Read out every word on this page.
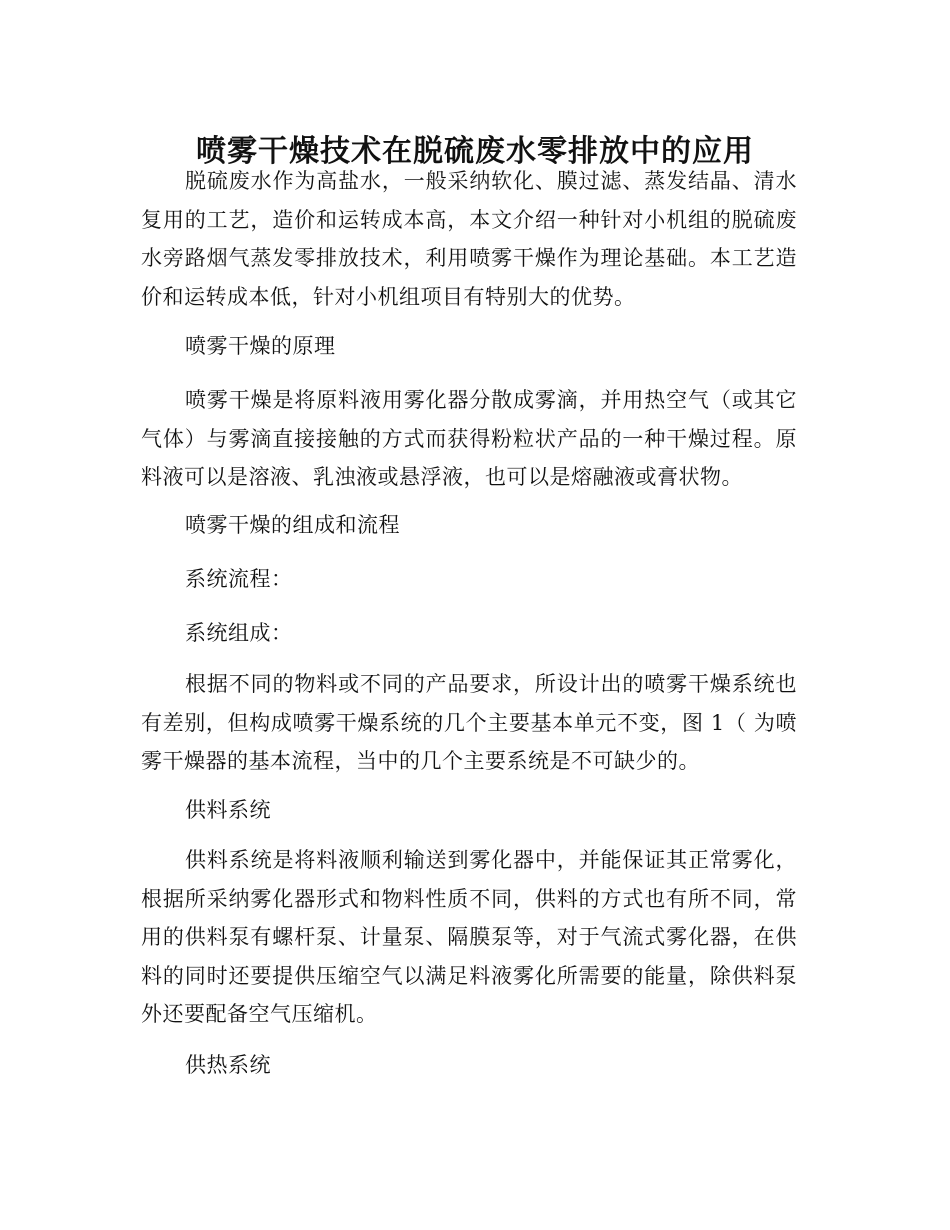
喷雾干燥技术在脱硫废水零排放中的应用

脱硫废水作为高盐水，一般采纳软化、膜过滤、蒸发结晶、清水复用的工艺，造价和运转成本高，本文介绍一种针对小机组的脱硫废水旁路烟气蒸发零排放技术，利用喷雾干燥作为理论基础。本工艺造价和运转成本低，针对小机组项目有特别大的优势。

喷雾干燥的原理

喷雾干燥是将原料液用雾化器分散成雾滴，并用热空气（或其它气体）与雾滴直接接触的方式而获得粉粒状产品的一种干燥过程。原料液可以是溶液、乳浊液或悬浮液，也可以是熔融液或膏状物。

喷雾干燥的组成和流程

系统流程：

系统组成：

根据不同的物料或不同的产品要求，所设计出的喷雾干燥系统也有差别，但构成喷雾干燥系统的几个主要基本单元不变，图 1（ 为喷雾干燥器的基本流程，当中的几个主要系统是不可缺少的。

供料系统

供料系统是将料液顺利输送到雾化器中，并能保证其正常雾化，根据所采纳雾化器形式和物料性质不同，供料的方式也有所不同，常用的供料泵有螺杆泵、计量泵、隔膜泵等，对于气流式雾化器，在供料的同时还要提供压缩空气以满足料液雾化所需要的能量，除供料泵外还要配备空气压缩机。

供热系统
